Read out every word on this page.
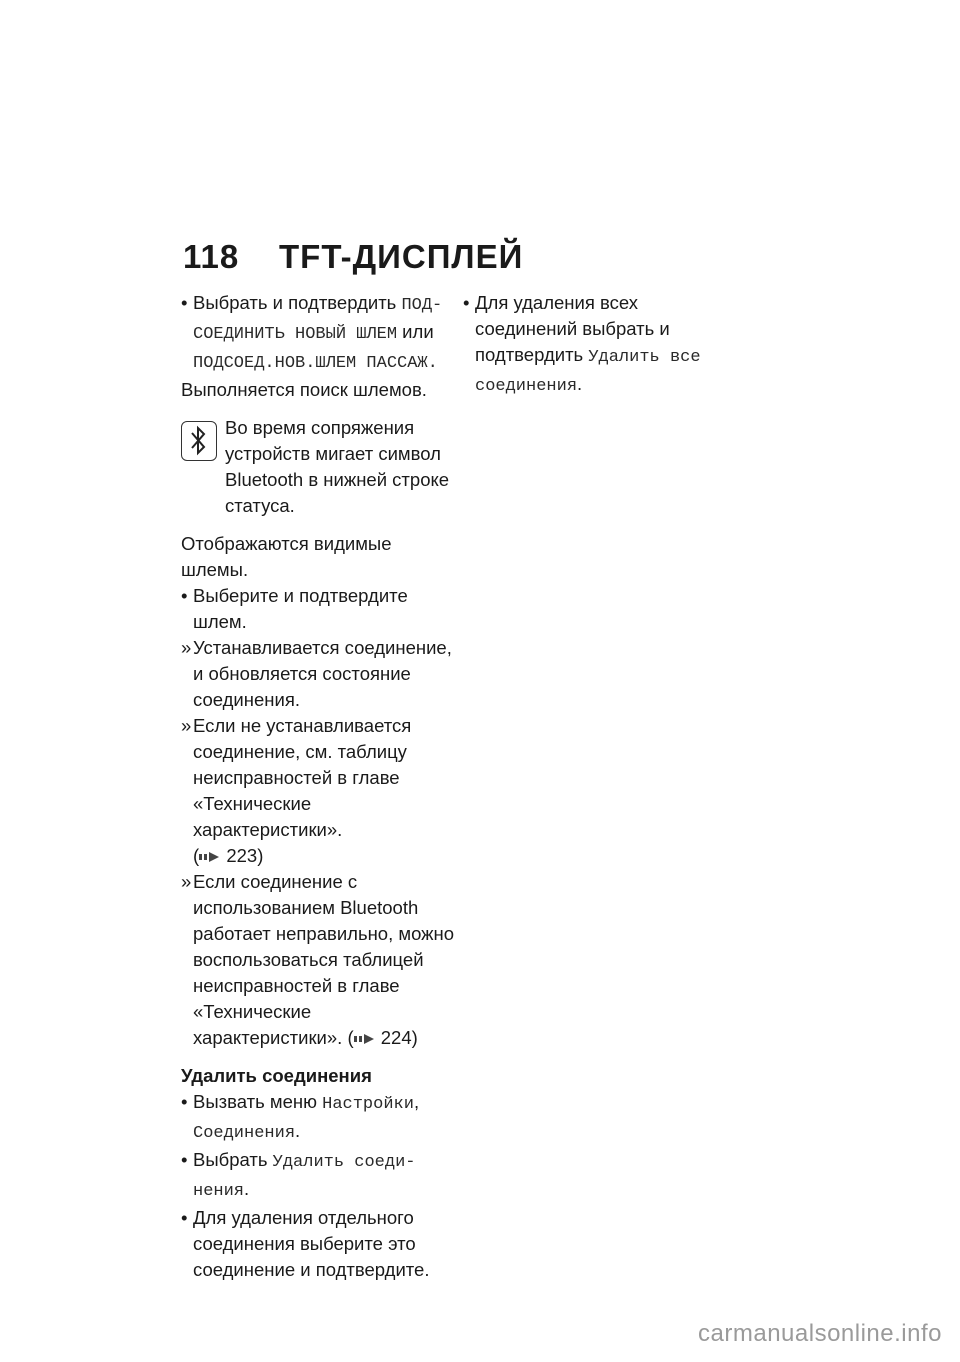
118 TFT-ДИСПЛЕЙ
• Выбрать и подтвердить ПОД-СОЕДИНИТЬ НОВЫЙ ШЛЕМ или ПОДСОЕД.НОВ.ШЛЕМ ПАССАЖ.

Выполняется поиск шлемов.

Во время сопряжения устройств мигает символ Bluetooth в нижней строке статуса.

Отображаются видимые шлемы.

• Выберите и подтвердите шлем.
» Устанавливается соединение, и обновляется состояние соединения.
» Если не устанавливается соединение, см. таблицу неисправностей в главе «Технические характеристики».
( 223)
» Если соединение с использованием Bluetooth работает неправильно, можно воспользоваться таблицей неисправностей в главе «Технические характеристики». ( 224)
Удалить соединения
• Вызвать меню Настройки, Соединения.
• Выбрать Удалить соеди-нения.
• Для удаления отдельного соединения выберите это соединение и подтвердите.
• Для удаления всех соединений выбрать и подтвердить Удалить все соединения.
carmanualsonline.info
